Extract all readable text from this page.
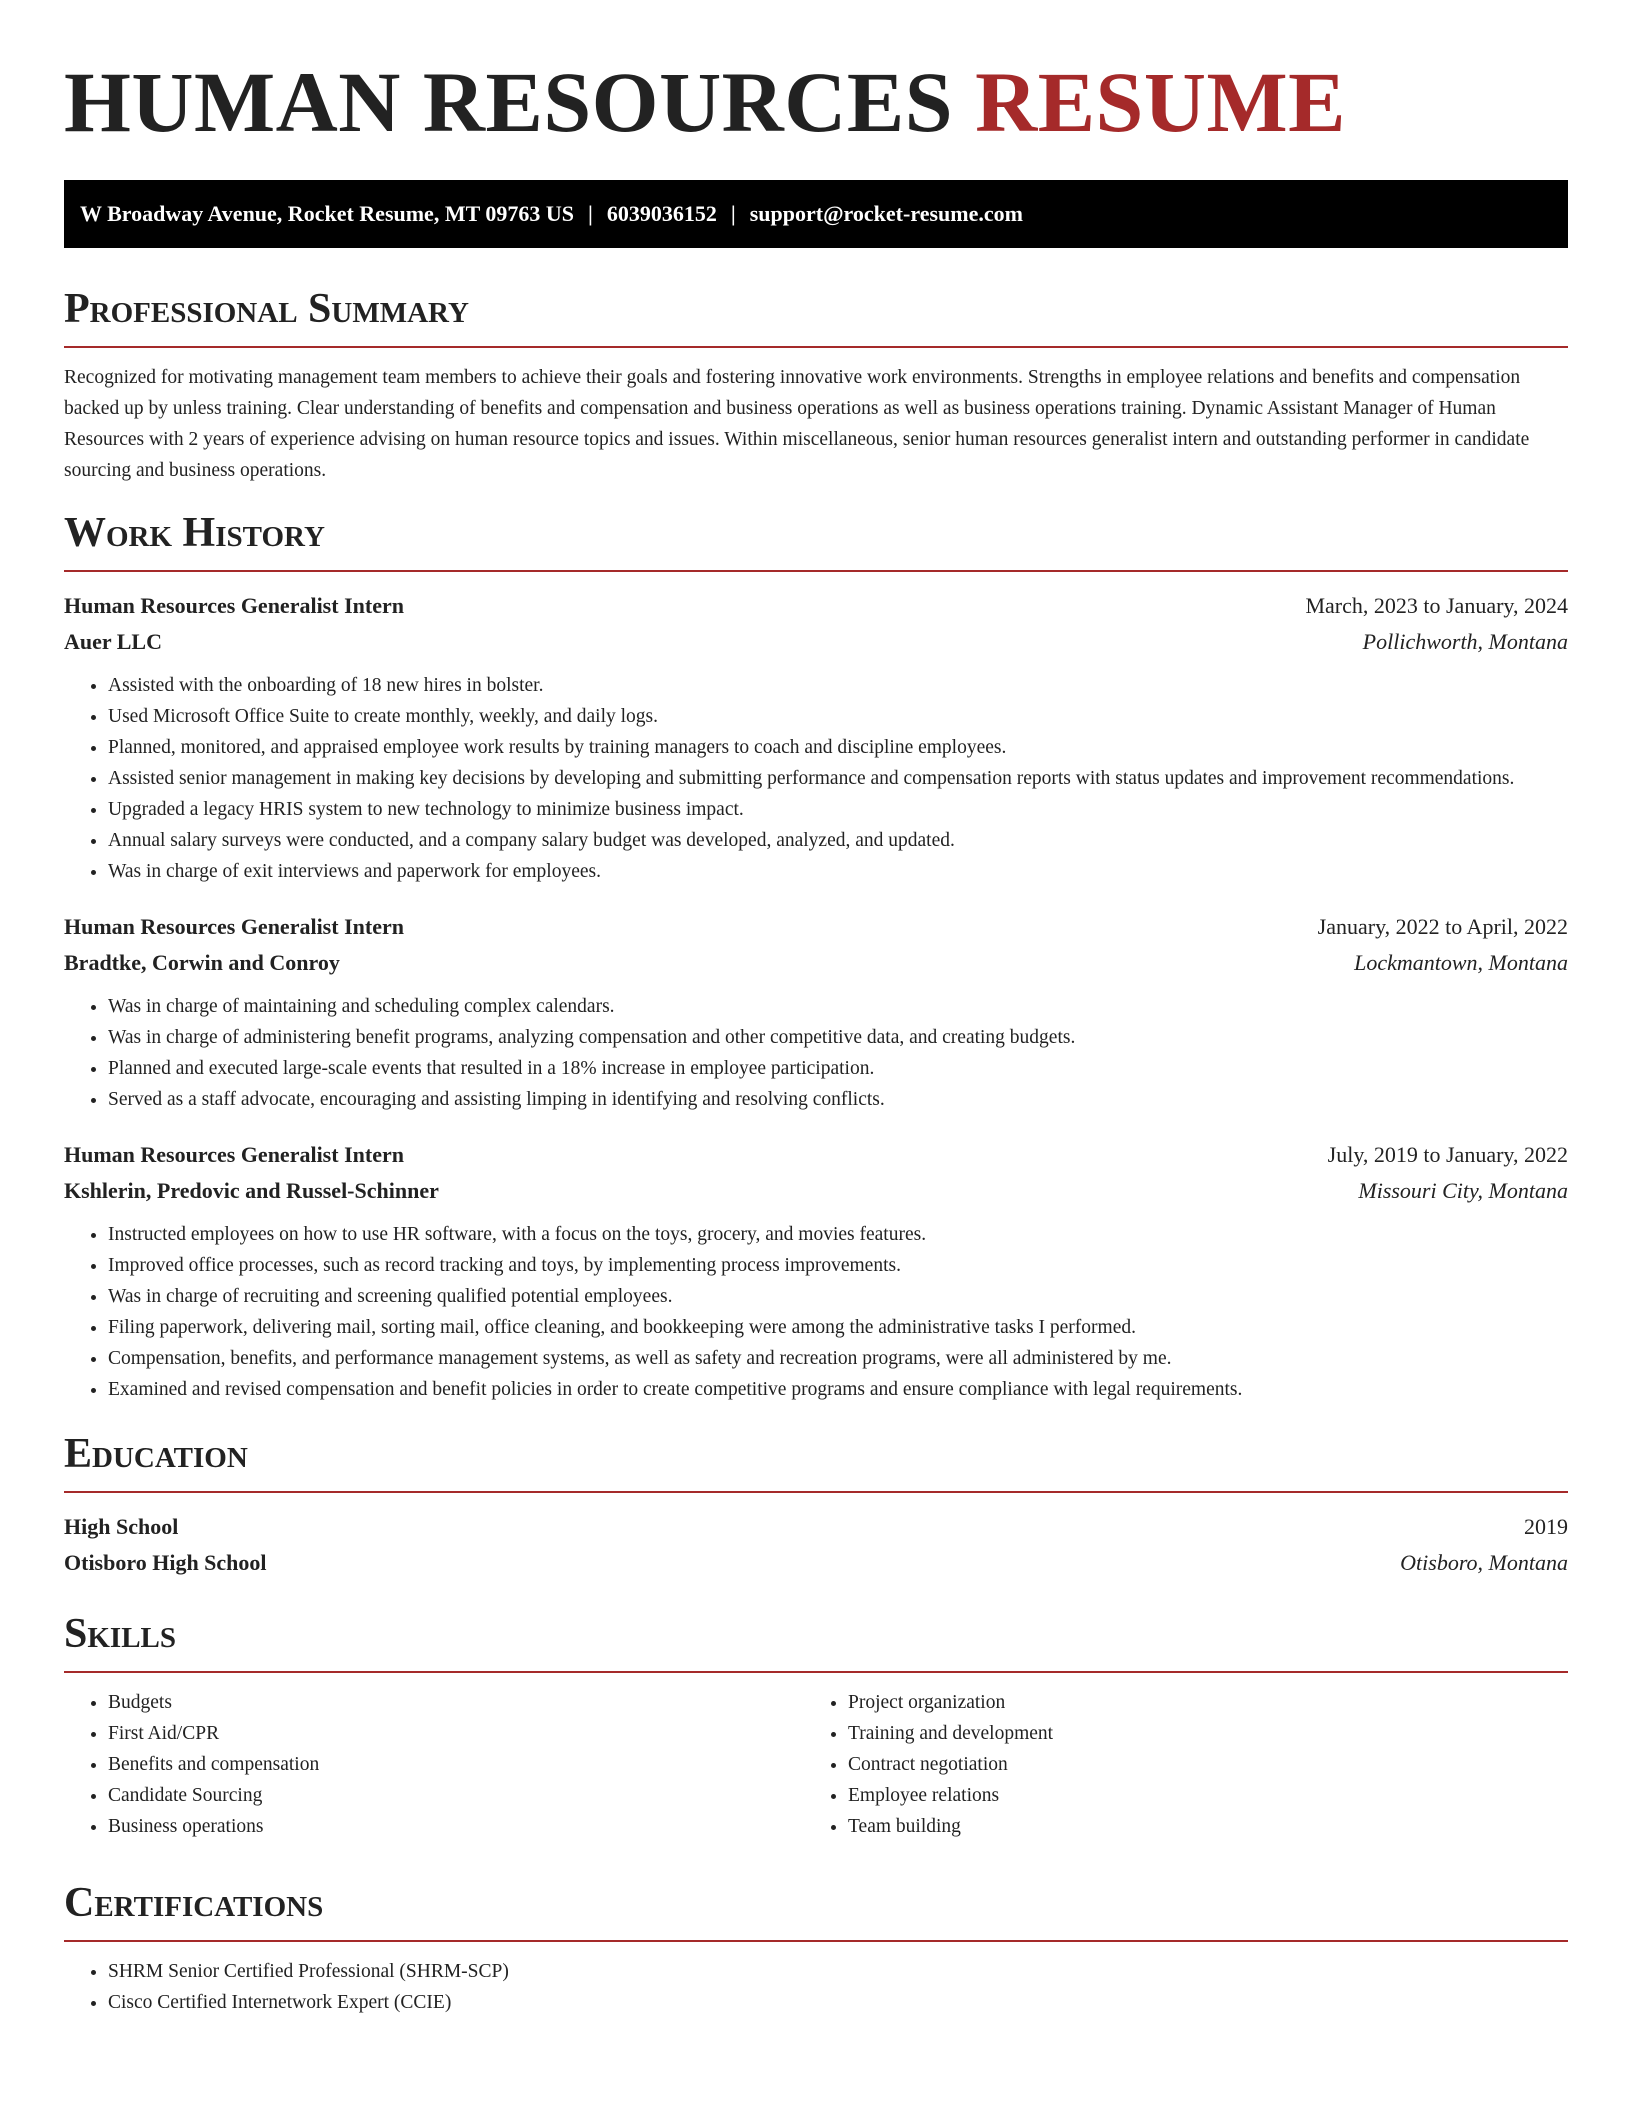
HUMAN RESOURCES RESUME
W Broadway Avenue, Rocket Resume, MT 09763 US | 6039036152 | support@rocket-resume.com
Professional Summary

Recognized for motivating management team members to achieve their goals and fostering innovative work environments. Strengths in employee relations and benefits and compensation backed up by unless training. Clear understanding of benefits and compensation and business operations as well as business operations training. Dynamic Assistant Manager of Human Resources with 2 years of experience advising on human resource topics and issues. Within miscellaneous, senior human resources generalist intern and outstanding performer in candidate sourcing and business operations.

Work History
Human Resources Generalist Intern	March, 2023 to January, 2024
Auer LLC	Pollichworth, Montana
• Assisted with the onboarding of 18 new hires in bolster.
• Used Microsoft Office Suite to create monthly, weekly, and daily logs.
• Planned, monitored, and appraised employee work results by training managers to coach and discipline employees.
• Assisted senior management in making key decisions by developing and submitting performance and compensation reports with status updates and improvement recommendations.
• Upgraded a legacy HRIS system to new technology to minimize business impact.
• Annual salary surveys were conducted, and a company salary budget was developed, analyzed, and updated.
• Was in charge of exit interviews and paperwork for employees.
Human Resources Generalist Intern	January, 2022 to April, 2022
Bradtke, Corwin and Conroy	Lockmantown, Montana
• Was in charge of maintaining and scheduling complex calendars.
• Was in charge of administering benefit programs, analyzing compensation and other competitive data, and creating budgets.
• Planned and executed large-scale events that resulted in a 18% increase in employee participation.
• Served as a staff advocate, encouraging and assisting limping in identifying and resolving conflicts.
Human Resources Generalist Intern	July, 2019 to January, 2022
Kshlerin, Predovic and Russel-Schinner	Missouri City, Montana
• Instructed employees on how to use HR software, with a focus on the toys, grocery, and movies features.
• Improved office processes, such as record tracking and toys, by implementing process improvements.
• Was in charge of recruiting and screening qualified potential employees.
• Filing paperwork, delivering mail, sorting mail, office cleaning, and bookkeeping were among the administrative tasks I performed.
• Compensation, benefits, and performance management systems, as well as safety and recreation programs, were all administered by me.
• Examined and revised compensation and benefit policies in order to create competitive programs and ensure compliance with legal requirements.
Education
High School	2019
Otisboro High School	Otisboro, Montana
Skills
• Budgets
• First Aid/CPR
• Benefits and compensation
• Candidate Sourcing
• Business operations
• Project organization
• Training and development
• Contract negotiation
• Employee relations
• Team building
Certifications
• SHRM Senior Certified Professional (SHRM-SCP)
• Cisco Certified Internetwork Expert (CCIE)
